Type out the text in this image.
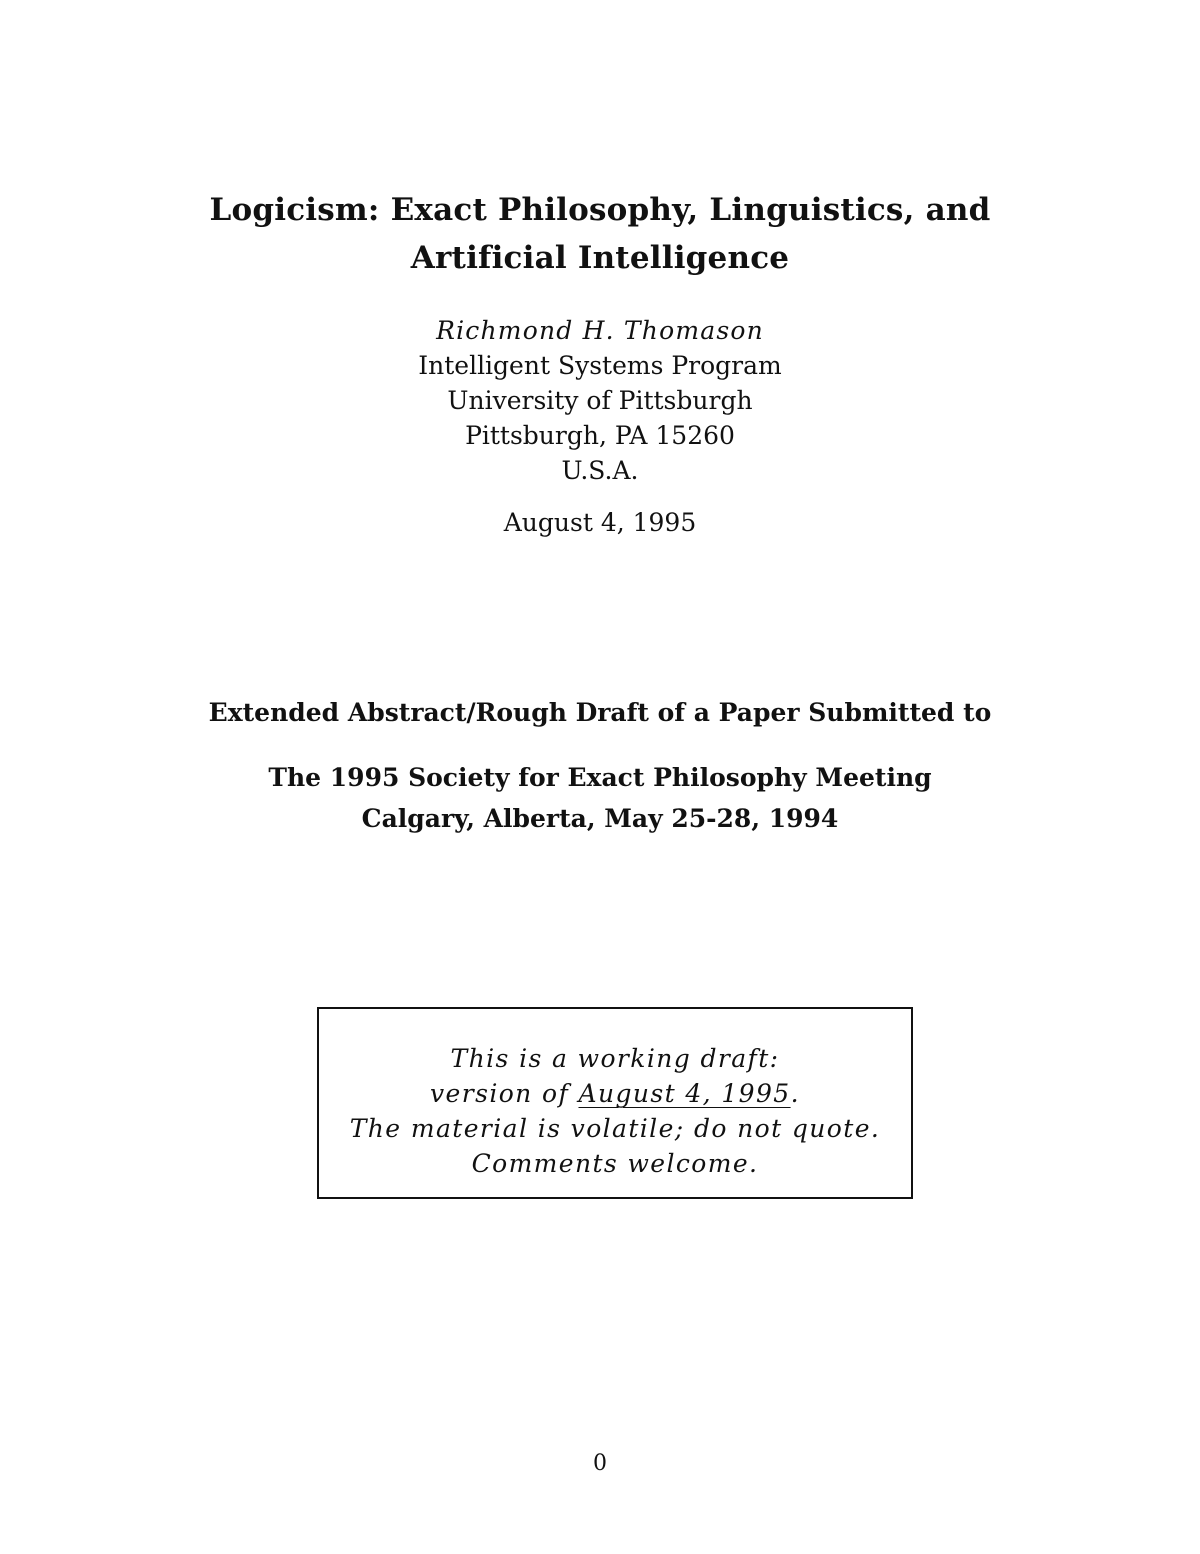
Logicism: Exact Philosophy, Linguistics, and
Artificial Intelligence
Richmond H. Thomason
Intelligent Systems Program
University of Pittsburgh
Pittsburgh, PA 15260
U.S.A.
August 4, 1995
Extended Abstract/Rough Draft of a Paper Submitted to
The 1995 Society for Exact Philosophy Meeting
Calgary, Alberta, May 25-28, 1994
This is a working draft:
version of August 4, 1995.
The material is volatile; do not quote.
Comments welcome.
0
